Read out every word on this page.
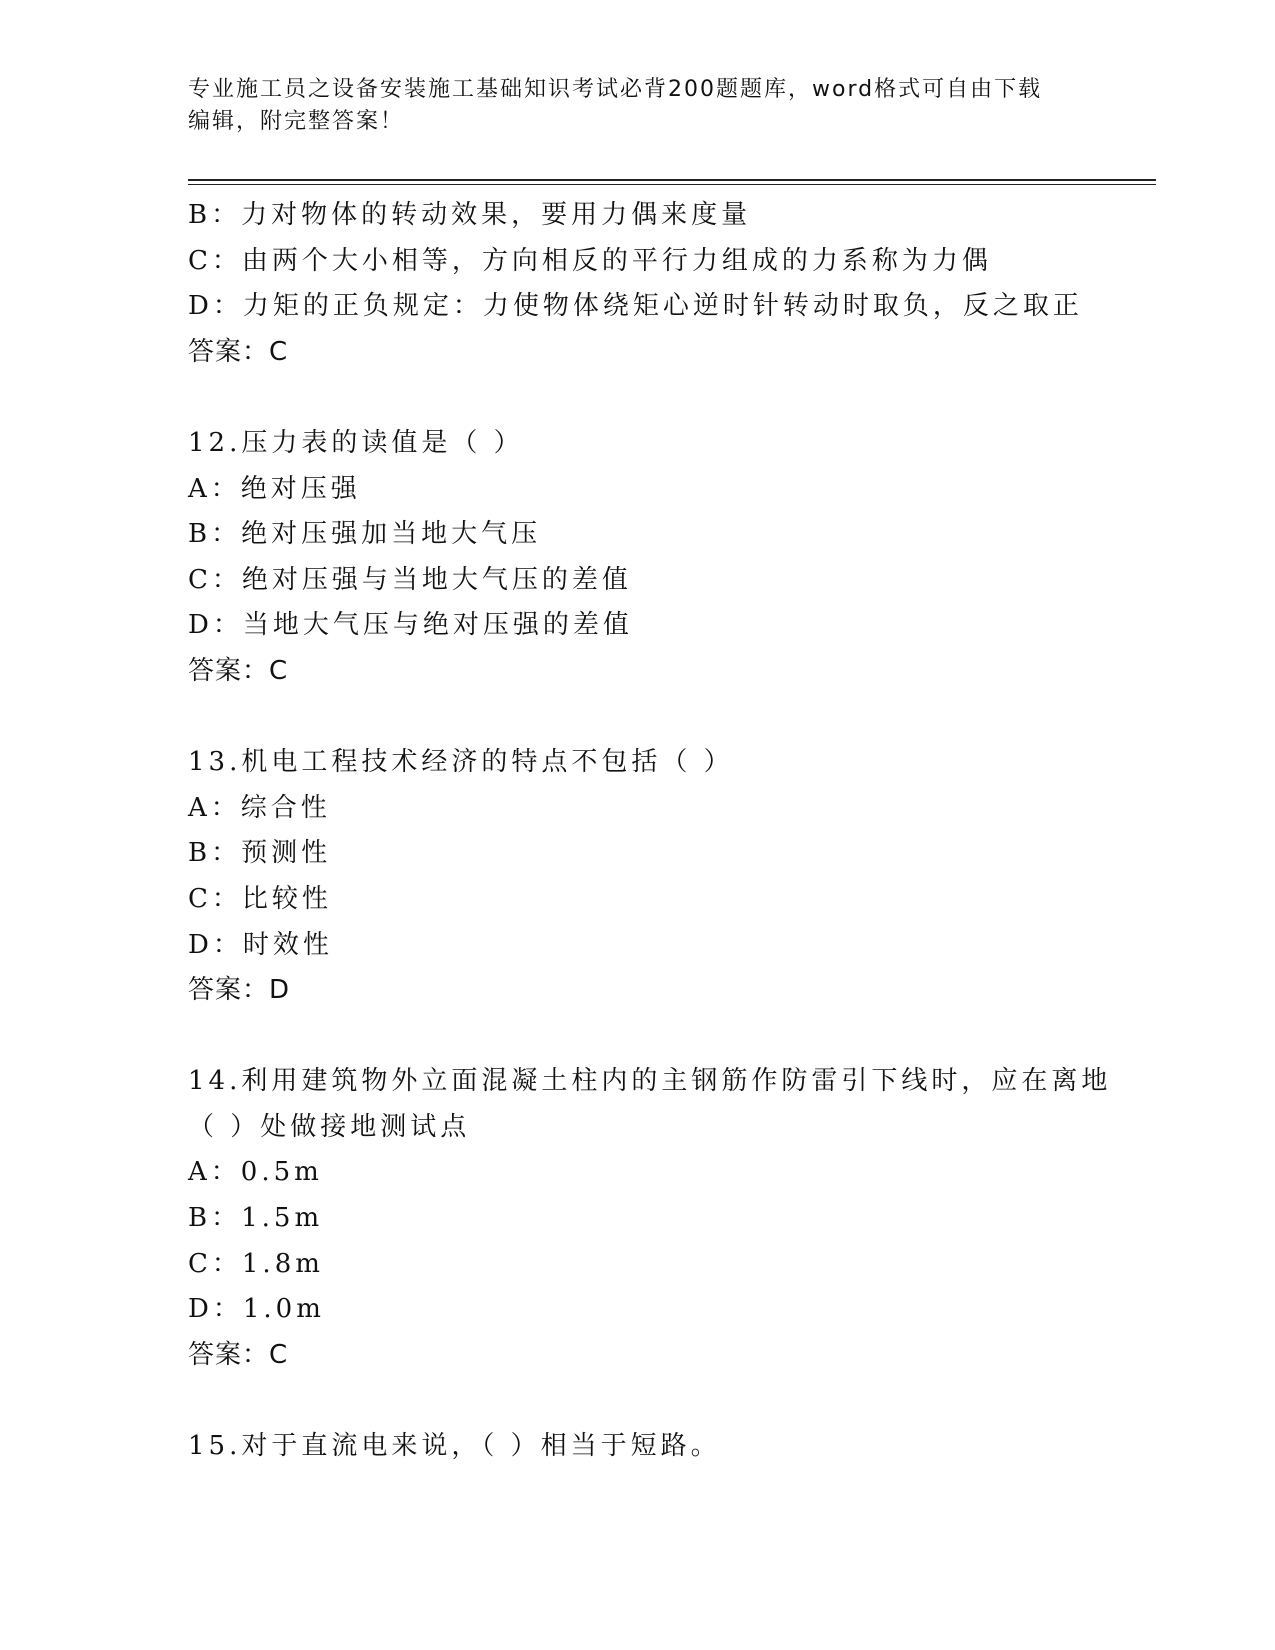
专业施工员之设备安装施工基础知识考试必背200题题库，word格式可自由下载
编辑，附完整答案！
B：力对物体的转动效果，要用力偶来度量
C：由两个大小相等，方向相反的平行力组成的力系称为力偶
D：力矩的正负规定：力使物体绕矩心逆时针转动时取负，反之取正
答案：C
12.压力表的读值是（ ）
A：绝对压强
B：绝对压强加当地大气压
C：绝对压强与当地大气压的差值
D：当地大气压与绝对压强的差值
答案：C
13.机电工程技术经济的特点不包括（ ）
A：综合性
B：预测性
C：比较性
D：时效性
答案：D
14.利用建筑物外立面混凝土柱内的主钢筋作防雷引下线时，应在离地
（ ）处做接地测试点
A：0.5m
B：1.5m
C：1.8m
D：1.0m
答案：C
15.对于直流电来说，（ ）相当于短路。
